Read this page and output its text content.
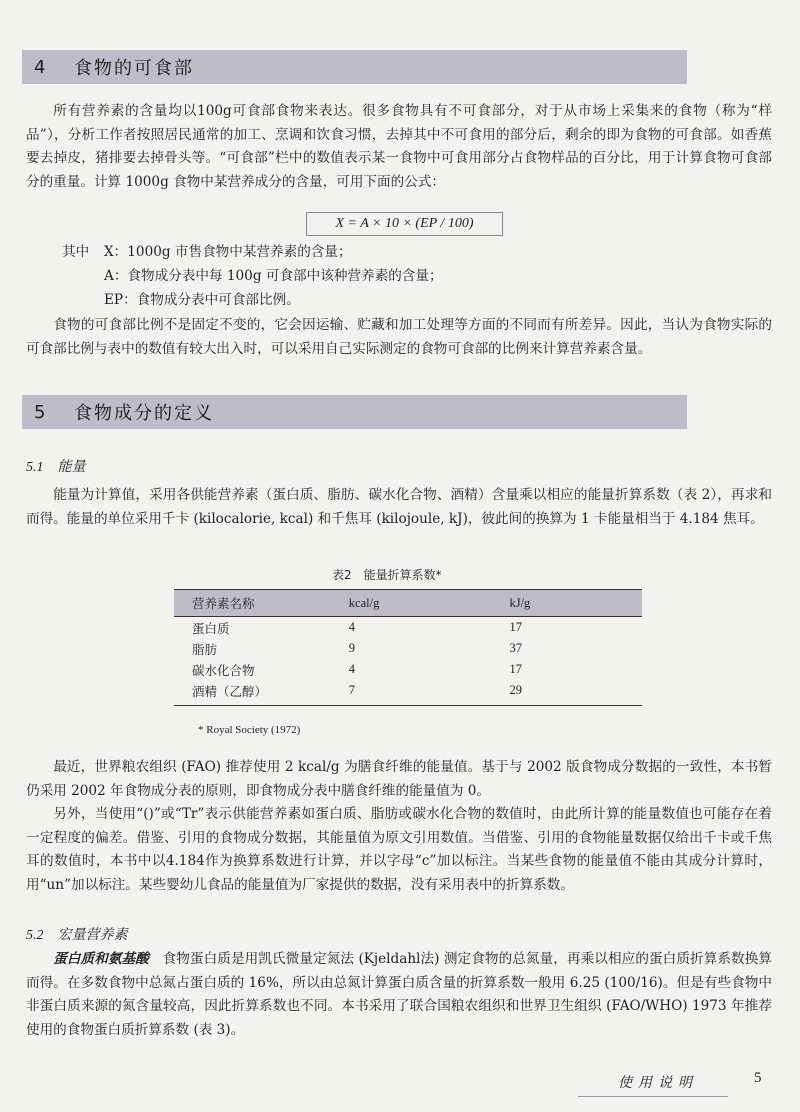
4	食物的可食部

所有营养素的含量均以100g可食部食物来表达。很多食物具有不可食部分，对于从市场上采集来的食物（称为“样品”），分析工作者按照居民通常的加工、烹调和饮食习惯，去掉其中不可食用的部分后，剩余的即为食物的可食部。如香蕉要去掉皮，猪排要去掉骨头等。“可食部”栏中的数值表示某一食物中可食用部分占食物样品的百分比，用于计算食物可食部分的重量。计算 1000g 食物中某营养成分的含量，可用下面的公式：

X = A × 10 × (EP / 100)
其中 X：1000g 市售食物中某营养素的含量；
A：食物成分表中每 100g 可食部中该种营养素的含量；
EP：食物成分表中可食部比例。

食物的可食部比例不是固定不变的，它会因运输、贮藏和加工处理等方面的不同而有所差异。因此，当认为食物实际的可食部比例与表中的数值有较大出入时，可以采用自己实际测定的食物可食部的比例来计算营养素含量。

5	食物成分的定义
5.1 能量

能量为计算值，采用各供能营养素（蛋白质、脂肪、碳水化合物、酒精）含量乘以相应的能量折算系数（表 2），再求和而得。能量的单位采用千卡 (kilocalorie, kcal) 和千焦耳 (kilojoule, kJ)，彼此间的换算为 1 卡能量相当于 4.184 焦耳。

表2　能量折算系数*
营养素名称	kcal/g	kJ/g
蛋白质	4	17
脂肪	9	37
碳水化合物	4	17
酒精（乙醇）	7	29
* Royal Society (1972)

最近，世界粮农组织 (FAO) 推荐使用 2 kcal/g 为膳食纤维的能量值。基于与 2002 版食物成分数据的一致性，本书暂仍采用 2002 年食物成分表的原则，即食物成分表中膳食纤维的能量值为 0。

另外，当使用“()”或“Tr”表示供能营养素如蛋白质、脂肪或碳水化合物的数值时，由此所计算的能量数值也可能存在着一定程度的偏差。借鉴、引用的食物成分数据，其能量值为原文引用数值。当借鉴、引用的食物能量数据仅给出千卡或千焦耳的数值时，本书中以4.184作为换算系数进行计算，并以字母“c”加以标注。当某些食物的能量值不能由其成分计算时，用“un”加以标注。某些婴幼儿食品的能量值为厂家提供的数据，没有采用表中的折算系数。

5.2 宏量营养素

蛋白质和氨基酸　食物蛋白质是用凯氏微量定氮法 (Kjeldahl法) 测定食物的总氮量，再乘以相应的蛋白质折算系数换算而得。在多数食物中总氮占蛋白质的 16%，所以由总氮计算蛋白质含量的折算系数一般用 6.25 (100/16)。但是有些食物中非蛋白质来源的氮含量较高，因此折算系数也不同。本书采用了联合国粮农组织和世界卫生组织 (FAO/WHO) 1973 年推荐使用的食物蛋白质折算系数 (表 3)。

使用说明	5
